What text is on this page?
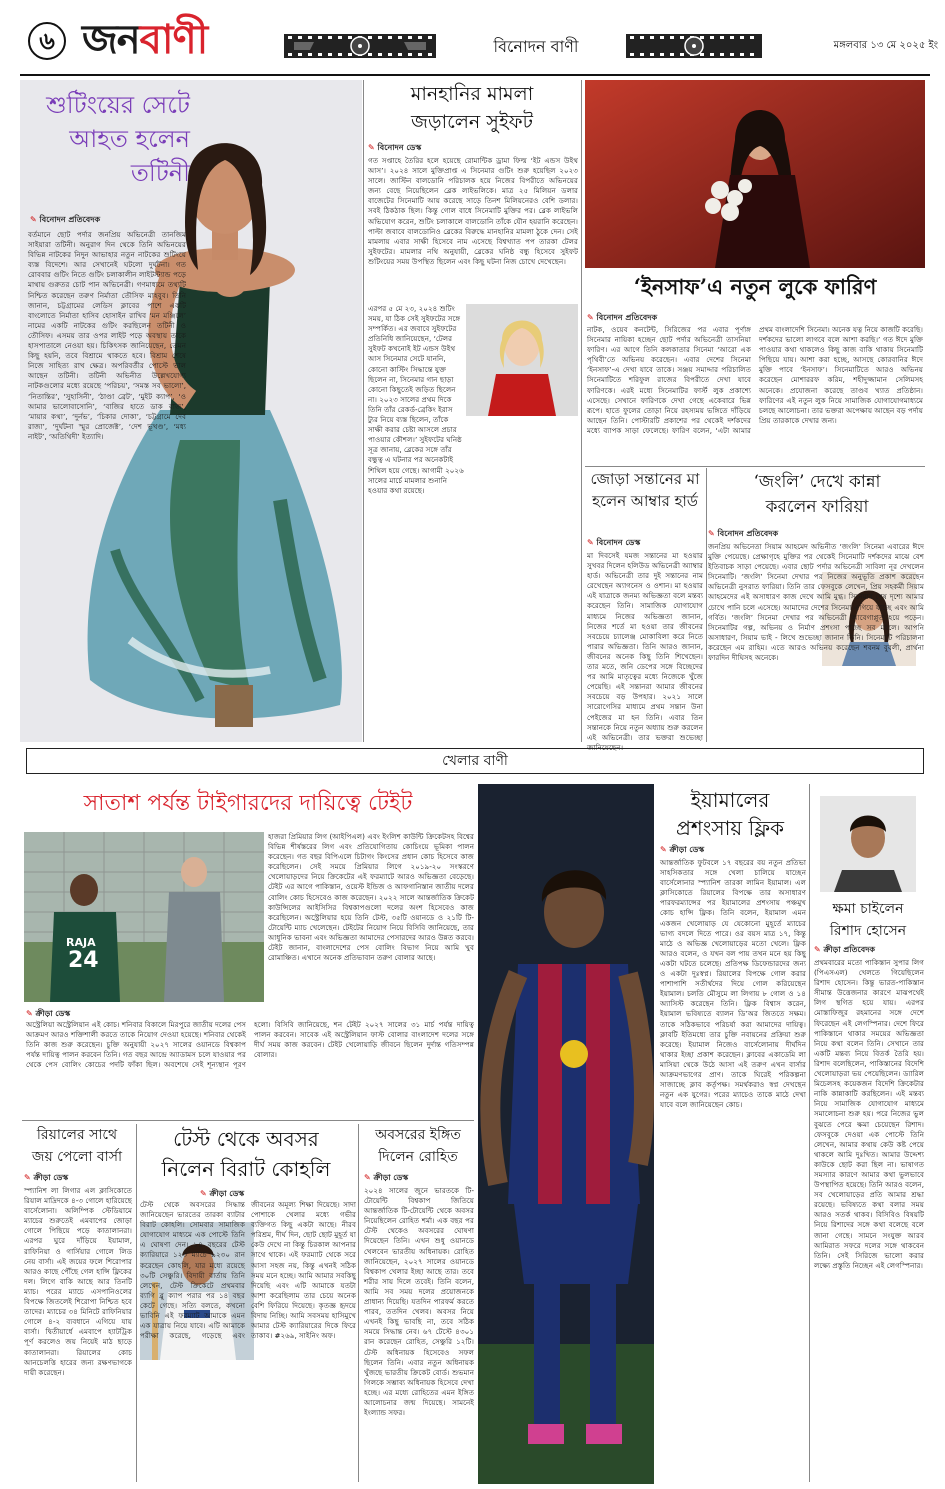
৬ জনবাণী	বিনোদন বাণী	মঙ্গলবার ১৩ মে ২০২৫ ইং
শুটিংয়ের সেটে আহত হলেন তটিনী
✎ বিনোদন প্রতিবেদক
বর্তমানে ছোট পর্দার জনপ্রিয় অভিনেত্রী তানজিম সাইয়ারা তটিনী। অনুরাগ দিন থেকে তিনি অভিনয়ের বিভিন্ন নাটকের নিদুন আভাহার নতুন নাটকের শুটিংয়ে ব্যস্ত বিদেশে। আর সেখানেই ঘটলো দুর্ঘটনা। গত রোববার গুটিং নিতে গুটিং চলাকালীন লাইটস্ট্যান্ড পড়ে মাথায় গুরুতর চোট পান অভিনেত্রী। গণমাধ্যমে তথ্যটি নিশ্চিত করেছেন তরুণ নির্মাতা তৌসিফ মাহবুব। তিনি জানান, চট্টগ্রামের লেডিস ক্লাবের পাশে একটি বাংলোতে নির্মাতা হাসিব হোসাইন রাখিব ‘মন মঞ্জিলে’ নামের একটি নাটকের গুটিং করছিলেন তটিনী ও তৌসিফ। এসময় তার ওপর লাইট পড়ে অবস্থায় তাকে হাসপাতালে নেওয়া হয়। চিকিৎসক জানিয়েছেন, তেমন কিছু হয়নি, তবে বিশ্রামে থাকতে হবে। বিশ্রাম শেষে নিজে সাহিত্য রাখ ক্ষেত্র। অপরিবর্তীর পোস্টে ভাল আছেন তটিনী। তটিনী অভিনীত উল্লেখযোগ্য নাটকগুলোর মধ্যে রয়েছে ‘পরিচয়’, ‘সমস্ত সব ভালো’, ‘নিতান্তির’, ‘সুহাসিনী’, ‘ঠাণ্ডা ব্রেট’, ‘মুইট ক্যাপ’, ‘ও আমার ভালোবাসোনি’, ‘বাজির হাতে ডাক বাজ’, ‘মায়ার কথা’, ‘দুর্নভ’, ‘চিকার দোকা’, ‘চট্টগ্রামে দেব রাজা’, ‘দুর্ঘটনা স্মুর প্রোজেক্ট’, ‘দেশ ভূখণ্ড’, ‘মধ্য নাইট’, ‘অতিথিদী’ ইত্যাদি।
মানহানির মামলা
জড়ালেন সুইফট
✎ বিনোদন ডেস্ক
গত সপ্তাহে তৈরির হলে হয়েছে রোমান্টিক ড্রামা ফিল্ম ‘ইট এন্ডস উইথ আস’। ২০২৪ সালে মুক্তিপ্রাপ্ত এ সিনেমার গুটিং শুরু হয়েছিল ২০২৩ সালে। জাস্টিন বালডোনি পরিচালক হয়ে নিজের বিপরীতে অভিনয়ের জন্য বেছে নিয়েছিলেন ব্লেক লাইভলিকে। মাত্র ২৫ মিলিয়ন ডলার বাজেটের সিনেমাটি আয় করেছে সাড়ে তিনশ মিলিয়নেরও বেশি ডলার। সবই ঠিকঠাক ছিল। কিন্তু গোল বাধে সিনেমাটি মুক্তির পর। ব্লেক লাইভলি অভিযোগ করেন, শুটিং চলাকালে বালডোনি তাঁকে যৌন হয়রানি করেছেন। পাল্টা জবাবে বালডোনিও ব্লেকের বিরুদ্ধে মানহানির মামলা ঠুকে দেন। সেই মামলায় এবার সাক্ষী হিসেবে নাম এসেছে বিশ্বখ্যাত পপ তারকা টেলর সুইফটের। মামলার নথি অনুযায়ী, ব্লেকের ঘনিষ্ঠ বন্ধু হিসেবে সুইফট শুটিংয়ের সময় উপস্থিত ছিলেন এবং কিছু ঘটনা নিজ চোখে দেখেছেন।
এরপর ৫ মে ২৩, ২০২৪ শুটিং সময়, যা ঠিক সেই সুইফটের সঙ্গে সম্পর্কিত। এর জবাবে সুইফটের প্রতিনিধি জানিয়েছেন, ‘টেলর সুইফট কখনোই ইট এন্ডস উইথ আস সিনেমার সেটে যাননি, কোনো কাস্টিং সিদ্ধান্তে যুক্ত ছিলেন না, সিনেমার গান ছাড়া কোনো কিছুতেই জড়িত ছিলেন না। ২০২৩ সালের প্রথম দিকে তিনি তাঁর রেকর্ড-ব্রেকিং ইরাস ট্যুর নিয়ে ব্যস্ত ছিলেন, তাঁকে সাক্ষী করার চেষ্টা আসলে প্রচার পাওয়ার কৌশল।’ সুইফটের ঘনিষ্ঠ সূত্র জানায়, ব্লেকের সঙ্গে তাঁর বন্ধুত্ব এ ঘটনার পর অনেকটাই শিথিল হয়ে গেছে। আগামী ২০২৬ সালের মার্চে মামলার শুনানি হওয়ার কথা রয়েছে।
‘ইনসাফ’এ নতুন লুকে ফারিণ
✎ বিনোদন প্রতিবেদক
নাটক, ওয়েব কনটেন্ট, সিরিজের পর এবার পূর্ণাঙ্গ সিনেমার নায়িকা হচ্ছেন ছোট পর্দার অভিনেত্রী তাসনিয়া ফারিণ। এর আগে তিনি কলকাতার সিনেমা ‘আরো এক পৃথিবী’তে অভিনয় করেছেন। এবার দেশের সিনেমা ‘ইনসাফ’-এ দেখা যাবে তাকে। সঞ্জয় সমাদ্দার পরিচালিত সিনেমাটিতে শরিফুল রাজের বিপরীতে দেখা যাবে ফারিণকে। এরই মধ্যে সিনেমাটির ফার্স্ট লুক প্রকাশ্যে এসেছে। সেখানে ফারিণকে দেখা গেছে একেবারে ভিন্ন রূপে। হাতে ফুলের তোড়া নিয়ে রহস্যময় ভঙ্গিতে দাঁড়িয়ে আছেন তিনি। পোস্টারটি প্রকাশের পর থেকেই দর্শকদের মধ্যে ব্যাপক সাড়া ফেলেছে। ফারিণ বলেন, ‘এটা আমার প্রথম বাংলাদেশি সিনেমা। অনেক যত্ন নিয়ে কাজটি করেছি। দর্শকদের ভালো লাগবে বলে আশা করছি।’ গত ঈদে মুক্তি পাওয়ার কথা থাকলেও কিছু কাজ বাকি থাকায় সিনেমাটি পিছিয়ে যায়। আশা করা হচ্ছে, আসছে কোরবানির ঈদে মুক্তি পাবে ‘ইনসাফ’। সিনেমাটিতে আরও অভিনয় করেছেন মোশাররফ করিম, শহীদুজ্জামান সেলিমসহ অনেকে। প্রযোজনা করেছে তাণ্ডব খ্যাত প্রতিষ্ঠান। ফারিণের এই নতুন লুক নিয়ে সামাজিক যোগাযোগমাধ্যমে চলছে আলোচনা। তার ভক্তরা অপেক্ষায় আছেন বড় পর্দায় প্রিয় তারকাকে দেখার জন্য।
জোড়া সন্তানের মা হলেন আম্বার হার্ড
✎ বিনোদন ডেস্ক
মা দিবসেই যমজ সন্তানের মা হওয়ার সুখবর দিলেন হলিউড অভিনেত্রী অ্যাম্বার হার্ড। অভিনেত্রী তার দুই সন্তানের নাম রেখেছেন অ্যাগনেস ও ওশান। মা হওয়ার এই যাত্রাকে জনম্য অভিজ্ঞতা বলে মন্তব্য করেছেন তিনি। সামাজিক যোগাযোগ মাধ্যমে নিজের অভিজ্ঞতা জানান, নিজের শর্তে মা হওয়া তার জীবনের সবচেয়ে চ্যালেঞ্জ মোকাবিলা করে নিতে পারার অভিজ্ঞতা। তিনি আরও জানান, জীবনের অনেক কিছু তিনি শিখেছেন। তার মতে, জনি ডেপের সঙ্গে বিচ্ছেদের পর আমি মাতৃত্বের মধ্যে নিজেকে খুঁজে পেয়েছি। এই সন্তানরা আমার জীবনের সবচেয়ে বড় উপহার। ২০২১ সালে সারোগেসির মাধ্যমে প্রথম সন্তান উনা পেইজের মা হন তিনি। এবার তিন সন্তানকে নিয়ে নতুন অধ্যায় শুরু করলেন এই অভিনেত্রী। তার ভক্তরা শুভেচ্ছা জানিয়েছেন।
‘জংলি’ দেখে কান্না
করলেন ফারিয়া
✎ বিনোদন প্রতিবেদক
জনপ্রিয় অভিনেতা সিয়াম আহমেদ অভিনীত ‘জংলি’ সিনেমা এবারের ঈদে মুক্তি পেয়েছে। প্রেক্ষাগৃহে মুক্তির পর থেকেই সিনেমাটি দর্শকদের মাঝে বেশ ইতিবাচক সাড়া পেয়েছে। এবার ছোট পর্দার অভিনেত্রী সাবিলা নূর দেখলেন সিনেমাটি। ‘জংলি’ সিনেমা দেখার পর নিজের অনুভূতি প্রকাশ করেছেন অভিনেত্রী নুসরাত ফারিয়া। তিনি তার ফেসবুকে লেখেন, প্রিয় সহকর্মী সিয়াম আহমেদের এই অসাধারণ কাজ দেখে আমি মুগ্ধ। সিনেমার শেষ দৃশ্যে আমার চোখে পানি চলে এসেছে। আমাদের দেশের সিনেমা এগিয়ে যাচ্ছে এবং আমি গর্বিত। ‘জংলি’ সিনেমা দেখার পর অভিনেত্রী আবেগাপ্লুত হয়ে পড়েন। সিনেমাটির গল্প, অভিনয় ও নির্মাণ প্রশংসা পাচ্ছে সব মহলে। আপনি অসাধারণ, সিয়াম ভাই - লিখে শুভেচ্ছা জানান তিনি। সিনেমাটি পরিচালনা করেছেন এম রাহিম। এতে আরও অভিনয় করেছেন শবনম বুবলী, প্রার্থনা ফারদিন দীঘিসহ অনেকে।
খেলার বাণী
সাতাশ পর্যন্ত টাইগারদের দায়িত্বে টেইট
RAJA
24
✎ ক্রীড়া ডেস্ক
হাজরা প্রিমিয়ার লিগ (আইপিএল) এবং ইংলিশ কাউন্টি ক্রিকেটসহ বিশ্বের বিভিন্ন শীর্ষস্তরের লিগ এবং প্রতিযোগিতায় কোচিংয়ে ভূমিকা পালন করেছেন। গত বছর বিপিএলে চিটাগং কিংসের প্রধান কোচ হিসেবে কাজ করেছিলেন। সেই সময়ে প্রিমিয়ার লিগে ২০১৯-২০ সংস্করণে খেলোয়াড়দের নিয়ে ক্রিকেটের এই ফরম্যাটে আরও অভিজ্ঞতা বেড়েছে। টেইট এর আগে পাকিস্তান, ওয়েস্ট ইন্ডিজ ও আফগানিস্তান জাতীয় দলের বোলিং কোচ হিসেবেও কাজ করেছেন। ২০২২ সালে আন্তর্জাতিক ক্রিকেট কাউন্সিলের আইসিসির বিশ্বকাপগুলো দলের অংশ হিসেবেও কাজ করেছিলেন। অস্ট্রেলিয়ার হয়ে তিনি টেস্ট, ৩৫টি ওয়ানডে ও ২১টি টি-টোয়েন্টি ম্যাচ খেলেছেন। টেইটের নিয়োগ নিয়ে বিসিবি জানিয়েছে, তার আধুনিক ভাবনা এবং অভিজ্ঞতা আমাদের পেসারদের আরও উন্নত করবে। টেইট জানান, বাংলাদেশের পেস বোলিং বিভাগ নিয়ে আমি খুব রোমাঞ্চিত। এখানে অনেক প্রতিভাবান তরুণ বোলার আছে।
অস্ট্রেলিয়া অস্ট্রেলিয়ান এই কোচ। শনিবার বিকালে মিরপুরে জাতীয় দলের পেস আক্রমণ আরও শক্তিশালী করতে তাকে নিয়োগ দেওয়া হয়েছে। শনিবার থেকেই তিনি কাজ শুরু করেছেন। চুক্তি অনুযায়ী ২০২৭ সালের ওয়ানডে বিশ্বকাপ পর্যন্ত দায়িত্ব পালন করবেন তিনি। গত বছর আন্দ্রে অ্যাডামস চলে যাওয়ার পর থেকে পেস বোলিং কোচের পদটি ফাঁকা ছিল। অবশেষে সেই শূন্যস্থান পূরণ হলো। বিসিবি জানিয়েছে, শন টেইট ২০২৭ সালের ৩১ মার্চ পর্যন্ত দায়িত্ব পালন করবেন। সাবেক এই অস্ট্রেলিয়ান ফাস্ট বোলার বাংলাদেশ দলের সঙ্গে দীর্ঘ সময় কাজ করবেন। টেইট খেলোয়াড়ি জীবনে ছিলেন দুর্দান্ত গতিসম্পন্ন বোলার।
রিয়ালের সাথে
জয় পেলো বার্সা
✎ ক্রীড়া ডেস্ক
স্প্যানিশ লা লিগার এল ক্লাসিকোতে রিয়াল মাদ্রিদকে ৪-৩ গোলে হারিয়েছে বার্সেলোনা। অলিম্পিক স্টেডিয়ামে ম্যাচের শুরুতেই এমবাপের জোড়া গোলে পিছিয়ে পড়ে কাতালানরা। এরপর ঘুরে দাঁড়িয়ে ইয়ামাল, রাফিনিয়া ও গার্সিয়ার গোলে লিড নেয় বার্সা। এই জয়ের ফলে শিরোপার আরও কাছে পৌঁছে গেল হান্সি ফ্লিকের দল। লিগে বাকি আছে আর তিনটি ম্যাচ। পরের ম্যাচে এসপানিওলের বিপক্ষে জিতলেই শিরোপা নিশ্চিত হবে তাদের। ম্যাচের ৩৪ মিনিটে রাফিনিয়ার গোলে ৪-২ ব্যবধানে এগিয়ে যায় বার্সা। দ্বিতীয়ার্ধে এমবাপে হ্যাটট্রিক পূর্ণ করলেও জয় নিয়েই মাঠ ছাড়ে কাতালানরা। রিয়ালের কোচ আনচেলত্তি হারের জন্য রক্ষণভাগকে দায়ী করেছেন।
টেস্ট থেকে অবসর
নিলেন বিরাট কোহলি
✎ ক্রীড়া ডেস্ক
টেস্ট থেকে অবসরের সিদ্ধান্ত জানিয়েছেন ভারতের তারকা ব্যাটার বিরাট কোহলি। সোমবার সামাজিক যোগাযোগ মাধ্যমে এক পোস্টে তিনি এ ঘোষণা দেন। ১৪ বছরের টেস্ট ক্যারিয়ারে ১২৩ ম্যাচে ৯২৩০ রান করেছেন কোহলি, যার মধ্যে রয়েছে ৩০টি সেঞ্চুরি। বিদায়ী বার্তায় তিনি লেখেন, টেস্ট ক্রিকেটে প্রথমবার ব্যাগি ব্লু ক্যাপ পরার পর ১৪ বছর কেটে গেছে। সত্যি বলতে, কখনো ভাবিনি এই ফরম্যাট আমাকে এমন এক যাত্রায় নিয়ে যাবে। এটি আমাকে পরীক্ষা করেছে, গড়েছে এবং জীবনের অমূল্য শিক্ষা দিয়েছে। সাদা পোশাকে খেলার মধ্যে গভীর ব্যক্তিগত কিছু একটা আছে। নীরব পরিশ্রম, দীর্ঘ দিন, ছোট ছোট মুহূর্ত যা কেউ দেখে না কিন্তু চিরকাল আপনার সাথে থাকে। এই ফরম্যাট থেকে সরে আসা সহজ নয়, কিন্তু এখনই সঠিক সময় মনে হচ্ছে। আমি আমার সবকিছু দিয়েছি এবং এটি আমাকে যতটা আশা করেছিলাম তার চেয়ে অনেক বেশি ফিরিয়ে দিয়েছে। কৃতজ্ঞ হৃদয়ে বিদায় নিচ্ছি। আমি সবসময় হাসিমুখে আমার টেস্ট ক্যারিয়ারের দিকে ফিরে তাকাব। #২৬৯, সাইনিং অফ।
অবসরের ইঙ্গিত
দিলেন রোহিত
✎ ক্রীড়া ডেস্ক
২০২৪ সালের জুনে ভারতকে টি-টোয়েন্টি বিশ্বকাপ জিতিয়ে আন্তর্জাতিক টি-টোয়েন্টি থেকে অবসর নিয়েছিলেন রোহিত শর্মা। এক বছর পর টেস্ট থেকেও অবসরের ঘোষণা দিয়েছেন তিনি। এখন শুধু ওয়ানডে খেলবেন ভারতীয় অধিনায়ক। রোহিত জানিয়েছেন, ২০২৭ সালের ওয়ানডে বিশ্বকাপ খেলার ইচ্ছা আছে তার। তবে শরীর সায় দিলে তবেই। তিনি বলেন, আমি সব সময় দলের প্রয়োজনকে প্রাধান্য দিয়েছি। যতদিন পারফর্ম করতে পারব, ততদিন খেলব। অবসর নিয়ে এখনই কিছু ভাবছি না, তবে সঠিক সময়ে সিদ্ধান্ত নেব। ৬৭ টেস্টে ৪৩০১ রান করেছেন রোহিত, সেঞ্চুরি ১২টি। টেস্ট অধিনায়ক হিসেবেও সফল ছিলেন তিনি। এবার নতুন অধিনায়ক খুঁজছে ভারতীয় ক্রিকেট বোর্ড। শুভমান গিলকে সম্ভাব্য অধিনায়ক হিসেবে দেখা হচ্ছে। এর মধ্যে রোহিতের এমন ইঙ্গিত আলোচনার জন্ম দিয়েছে। সামনেই ইংল্যান্ড সফর।
ইয়ামালের
প্রশংসায় ফ্লিক
✎ ক্রীড়া ডেস্ক
আন্তর্জাতিক ফুটবলে ১৭ বছরের বয় নতুন প্রতিভা সাহসিকতার সঙ্গে খেলা চালিয়ে যাচ্ছেন বার্সেলোনার স্প্যানিশ তারকা লামিন ইয়ামাল। এল ক্লাসিকোতে রিয়ালের বিপক্ষে তার অসাধারণ পারফরম্যান্সের পর ইয়ামালের প্রশংসায় পঞ্চমুখ কোচ হান্সি ফ্লিক। তিনি বলেন, ইয়ামাল এমন একজন খেলোয়াড় যে যেকোনো মুহূর্তে ম্যাচের ভাগ্য বদলে দিতে পারে। ওর বয়স মাত্র ১৭, কিন্তু মাঠে ও অভিজ্ঞ খেলোয়াড়ের মতো খেলে। ফ্লিক আরও বলেন, ও যখন বল পায় তখন মনে হয় কিছু একটা ঘটতে চলেছে। প্রতিপক্ষ ডিফেন্ডারদের জন্য ও একটা দুঃস্বপ্ন। রিয়ালের বিপক্ষে গোল করার পাশাপাশি সতীর্থদের দিয়ে গোল করিয়েছেন ইয়ামাল। চলতি মৌসুমে লা লিগায় ৮ গোল ও ১৪ অ্যাসিস্ট করেছেন তিনি। ফ্লিক বিশ্বাস করেন, ইয়ামাল ভবিষ্যতে ব্যালন ডি’অর জিততে সক্ষম। তাকে সঠিকভাবে পরিচর্যা করা আমাদের দায়িত্ব। ক্লাবটি ইতিমধ্যে তার চুক্তি নবায়নের প্রক্রিয়া শুরু করেছে। ইয়ামাল নিজেও বার্সেলোনায় দীর্ঘদিন থাকার ইচ্ছা প্রকাশ করেছেন। ক্লাবের একাডেমি লা মাসিয়া থেকে উঠে আসা এই তরুণ এখন বার্সার আক্রমণভাগের প্রাণ। তাকে ঘিরেই পরিকল্পনা সাজাচ্ছে ক্লাব কর্তৃপক্ষ। সমর্থকরাও স্বপ্ন দেখছেন নতুন এক যুগের। পরের ম্যাচেও তাকে মাঠে দেখা যাবে বলে জানিয়েছেন কোচ।
ক্ষমা চাইলেন
রিশাদ হোসেন
✎ ক্রীড়া প্রতিবেদক
প্রথমবারের মতো পাকিস্তান সুপার লিগ (পিএসএল) খেলতে গিয়েছিলেন রিশাদ হোসেন। কিন্তু ভারত-পাকিস্তান সীমান্ত উত্তেজনার কারণে মাঝপথেই লিগ স্থগিত হয়ে যায়। এরপর মোস্তাফিজুর রহমানের সঙ্গে দেশে ফিরেছেন এই লেগস্পিনার। দেশে ফিরে পাকিস্তানে থাকার সময়ের অভিজ্ঞতা নিয়ে কথা বলেন তিনি। সেখানে তার একটি মন্তব্য নিয়ে বিতর্ক তৈরি হয়। রিশাদ বলেছিলেন, পাকিস্তানের বিদেশি খেলোয়াড়রা ভয় পেয়েছিলেন। ড্যারিল মিচেলসহ কয়েকজন বিদেশি ক্রিকেটার নাকি কান্নাকাটি করছিলেন। এই মন্তব্য নিয়ে সামাজিক যোগাযোগ মাধ্যমে সমালোচনা শুরু হয়। পরে নিজের ভুল বুঝতে পেরে ক্ষমা চেয়েছেন রিশাদ। ফেসবুকে দেওয়া এক পোস্টে তিনি লেখেন, আমার কথায় কেউ কষ্ট পেয়ে থাকলে আমি দুঃখিত। আমার উদ্দেশ্য কাউকে ছোট করা ছিল না। ভাষাগত সমস্যার কারণে আমার কথা ভুলভাবে উপস্থাপিত হয়েছে। তিনি আরও বলেন, সব খেলোয়াড়ের প্রতি আমার শ্রদ্ধা রয়েছে। ভবিষ্যতে কথা বলার সময় আরও সতর্ক থাকব। বিসিবিও বিষয়টি নিয়ে রিশাদের সঙ্গে কথা বলেছে বলে জানা গেছে। সামনে সংযুক্ত আরব আমিরাত সফরে দলের সঙ্গে থাকবেন তিনি। সেই সিরিজে ভালো করার লক্ষ্যে প্রস্তুতি নিচ্ছেন এই লেগস্পিনার।
